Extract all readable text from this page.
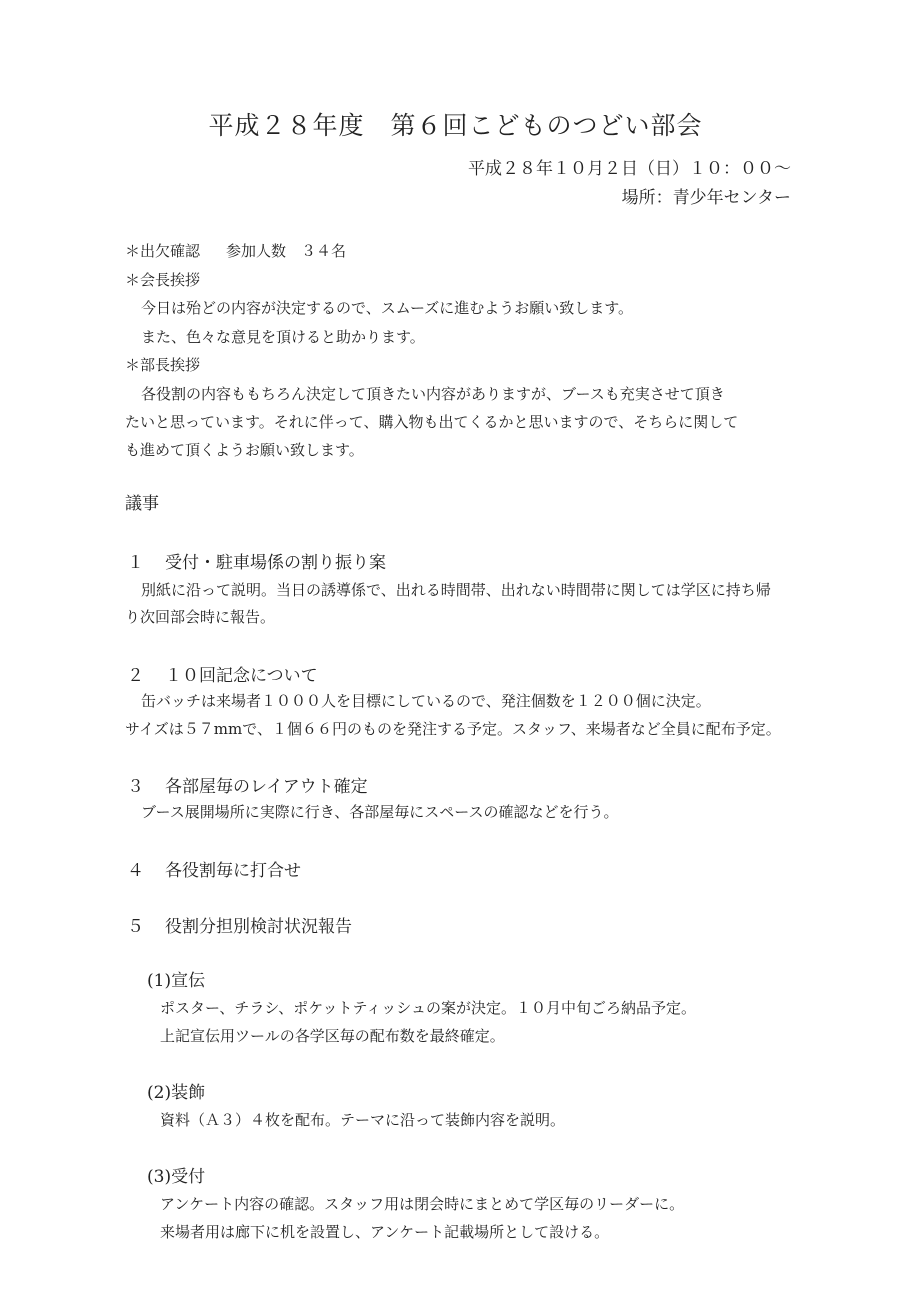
平成２８年度　第６回こどものつどい部会
平成２８年１０月２日（日）１０：００～
場所：青少年センター
＊出欠確認 参加人数　３４名
＊会長挨拶
今日は殆どの内容が決定するので、スムーズに進むようお願い致します。
また、色々な意見を頂けると助かります。
＊部長挨拶
各役割の内容ももちろん決定して頂きたい内容がありますが、ブースも充実させて頂き
たいと思っています。それに伴って、購入物も出てくるかと思いますので、そちらに関して
も進めて頂くようお願い致します。
議事
１ 受付・駐車場係の割り振り案
別紙に沿って説明。当日の誘導係で、出れる時間帯、出れない時間帯に関しては学区に持ち帰
り次回部会時に報告。
２ １０回記念について
缶バッチは来場者１０００人を目標にしているので、発注個数を１２００個に決定。
サイズは５７mmで、１個６６円のものを発注する予定。スタッフ、来場者など全員に配布予定。
３ 各部屋毎のレイアウト確定
ブース展開場所に実際に行き、各部屋毎にスペースの確認などを行う。
４ 各役割毎に打合せ
５ 役割分担別検討状況報告
(1)宣伝
ポスター、チラシ、ポケットティッシュの案が決定。１０月中旬ごろ納品予定。
上記宣伝用ツールの各学区毎の配布数を最終確定。
(2)装飾
資料（Ａ３）４枚を配布。テーマに沿って装飾内容を説明。
(3)受付
アンケート内容の確認。スタッフ用は閉会時にまとめて学区毎のリーダーに。
来場者用は廊下に机を設置し、アンケート記載場所として設ける。
